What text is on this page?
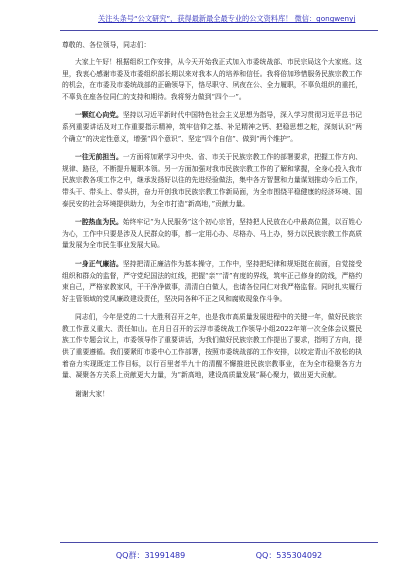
关注头条号“公文研究”，获得最新最全最专业的公文资料库！ 微信：gongwenyj

尊敬的、各位领导，同志们：

大家上午好！根据组织工作安排，从今天开始我正式加入市委统战部、市民宗局这个大家庭。这里，我衷心感谢市委及市委组织部长期以来对我本人的培养和信任。我将倍加珍惜服务民族宗教工作的机会，在市委及市委统战部的正确领导下，恪尽职守、夙夜在公、全力履职，不辜负组织的重托，不辜负在座各位同仁的支持和期待。我将努力做到“四个一”。

一颗红心向党。坚持以习近平新时代中国特色社会主义思想为指导，深入学习贯彻习近平总书记系列重要讲话及对工作重要指示精神，筑牢信仰之基、补足精神之钙、把稳思想之舵，深刻认识“两个确立”的决定性意义，增强“四个意识”、坚定“四个自信”、做到“两个维护”。

一往无前担当。一方面将加紧学习中央、省、市关于民族宗教工作的部署要求，把握工作方向、规律、路径，不断提升履职本领。另一方面加强对我市民族宗教工作的了解和掌握，全身心投入我市民族宗教各项工作之中，继承发扬好以往的先进经验做法，集中各方智慧和力量谋划推动今后工作，带头干、带头上、带头拼，奋力开创我市民族宗教工作新局面，为全市围绕平稳健康的经济环境、国泰民安的社会环境提供助力，为全市打造“新高地，”贡献力量。

一腔热血为民。始终牢记“为人民服务”这个初心宗旨，坚持把人民放在心中最高位置，以百姓心为心，工作中只要是涉及人民群众的事，都一定用心办、尽格办、马上办，努力以民族宗教工作高质量发展为全市民生事业发展大局。

一身正气廉洁。坚持把清正廉洁作为基本操守，工作中，坚持把纪律和规矩挺在前面，自觉接受组织和群众的监督，严守党纪国法的红线，把握“亲”“清”有度的界线，筑牢正己修身的防线，严格约束自己，严格家教家风，干干净净做事，清清白白做人，也请各位同仁对我严格监督。同时扎实履行好主管领域的党风廉政建设责任，坚决同各种不正之风和腐败现象作斗争。

同志们，今年是党的二十大胜利召开之年，也是我市高质量发展进程中的关键一年，做好民族宗教工作意义重大、责任如山。在月日召开的云浮市委统战工作领导小组2022年第一次全体会议暨民族工作专题会议上，市委领导作了重要讲话，为我们做好民族宗教工作提出了要求，指明了方向，提供了重要遵循。我们要紧盯市委中心工作部署，按照市委统战部的工作安排，以咬定青山不放松的执着奋力实现既定工作目标，以行百里者半九十的清醒不懈推进民族宗教事业，在为全市稳聚各方力量、凝聚各方关系上贡献更大力量，为“新高地，建设高质量发展”凝心聚力，做出更大贡献。

谢谢大家！

QQ群：31991489	QQ：535304092
